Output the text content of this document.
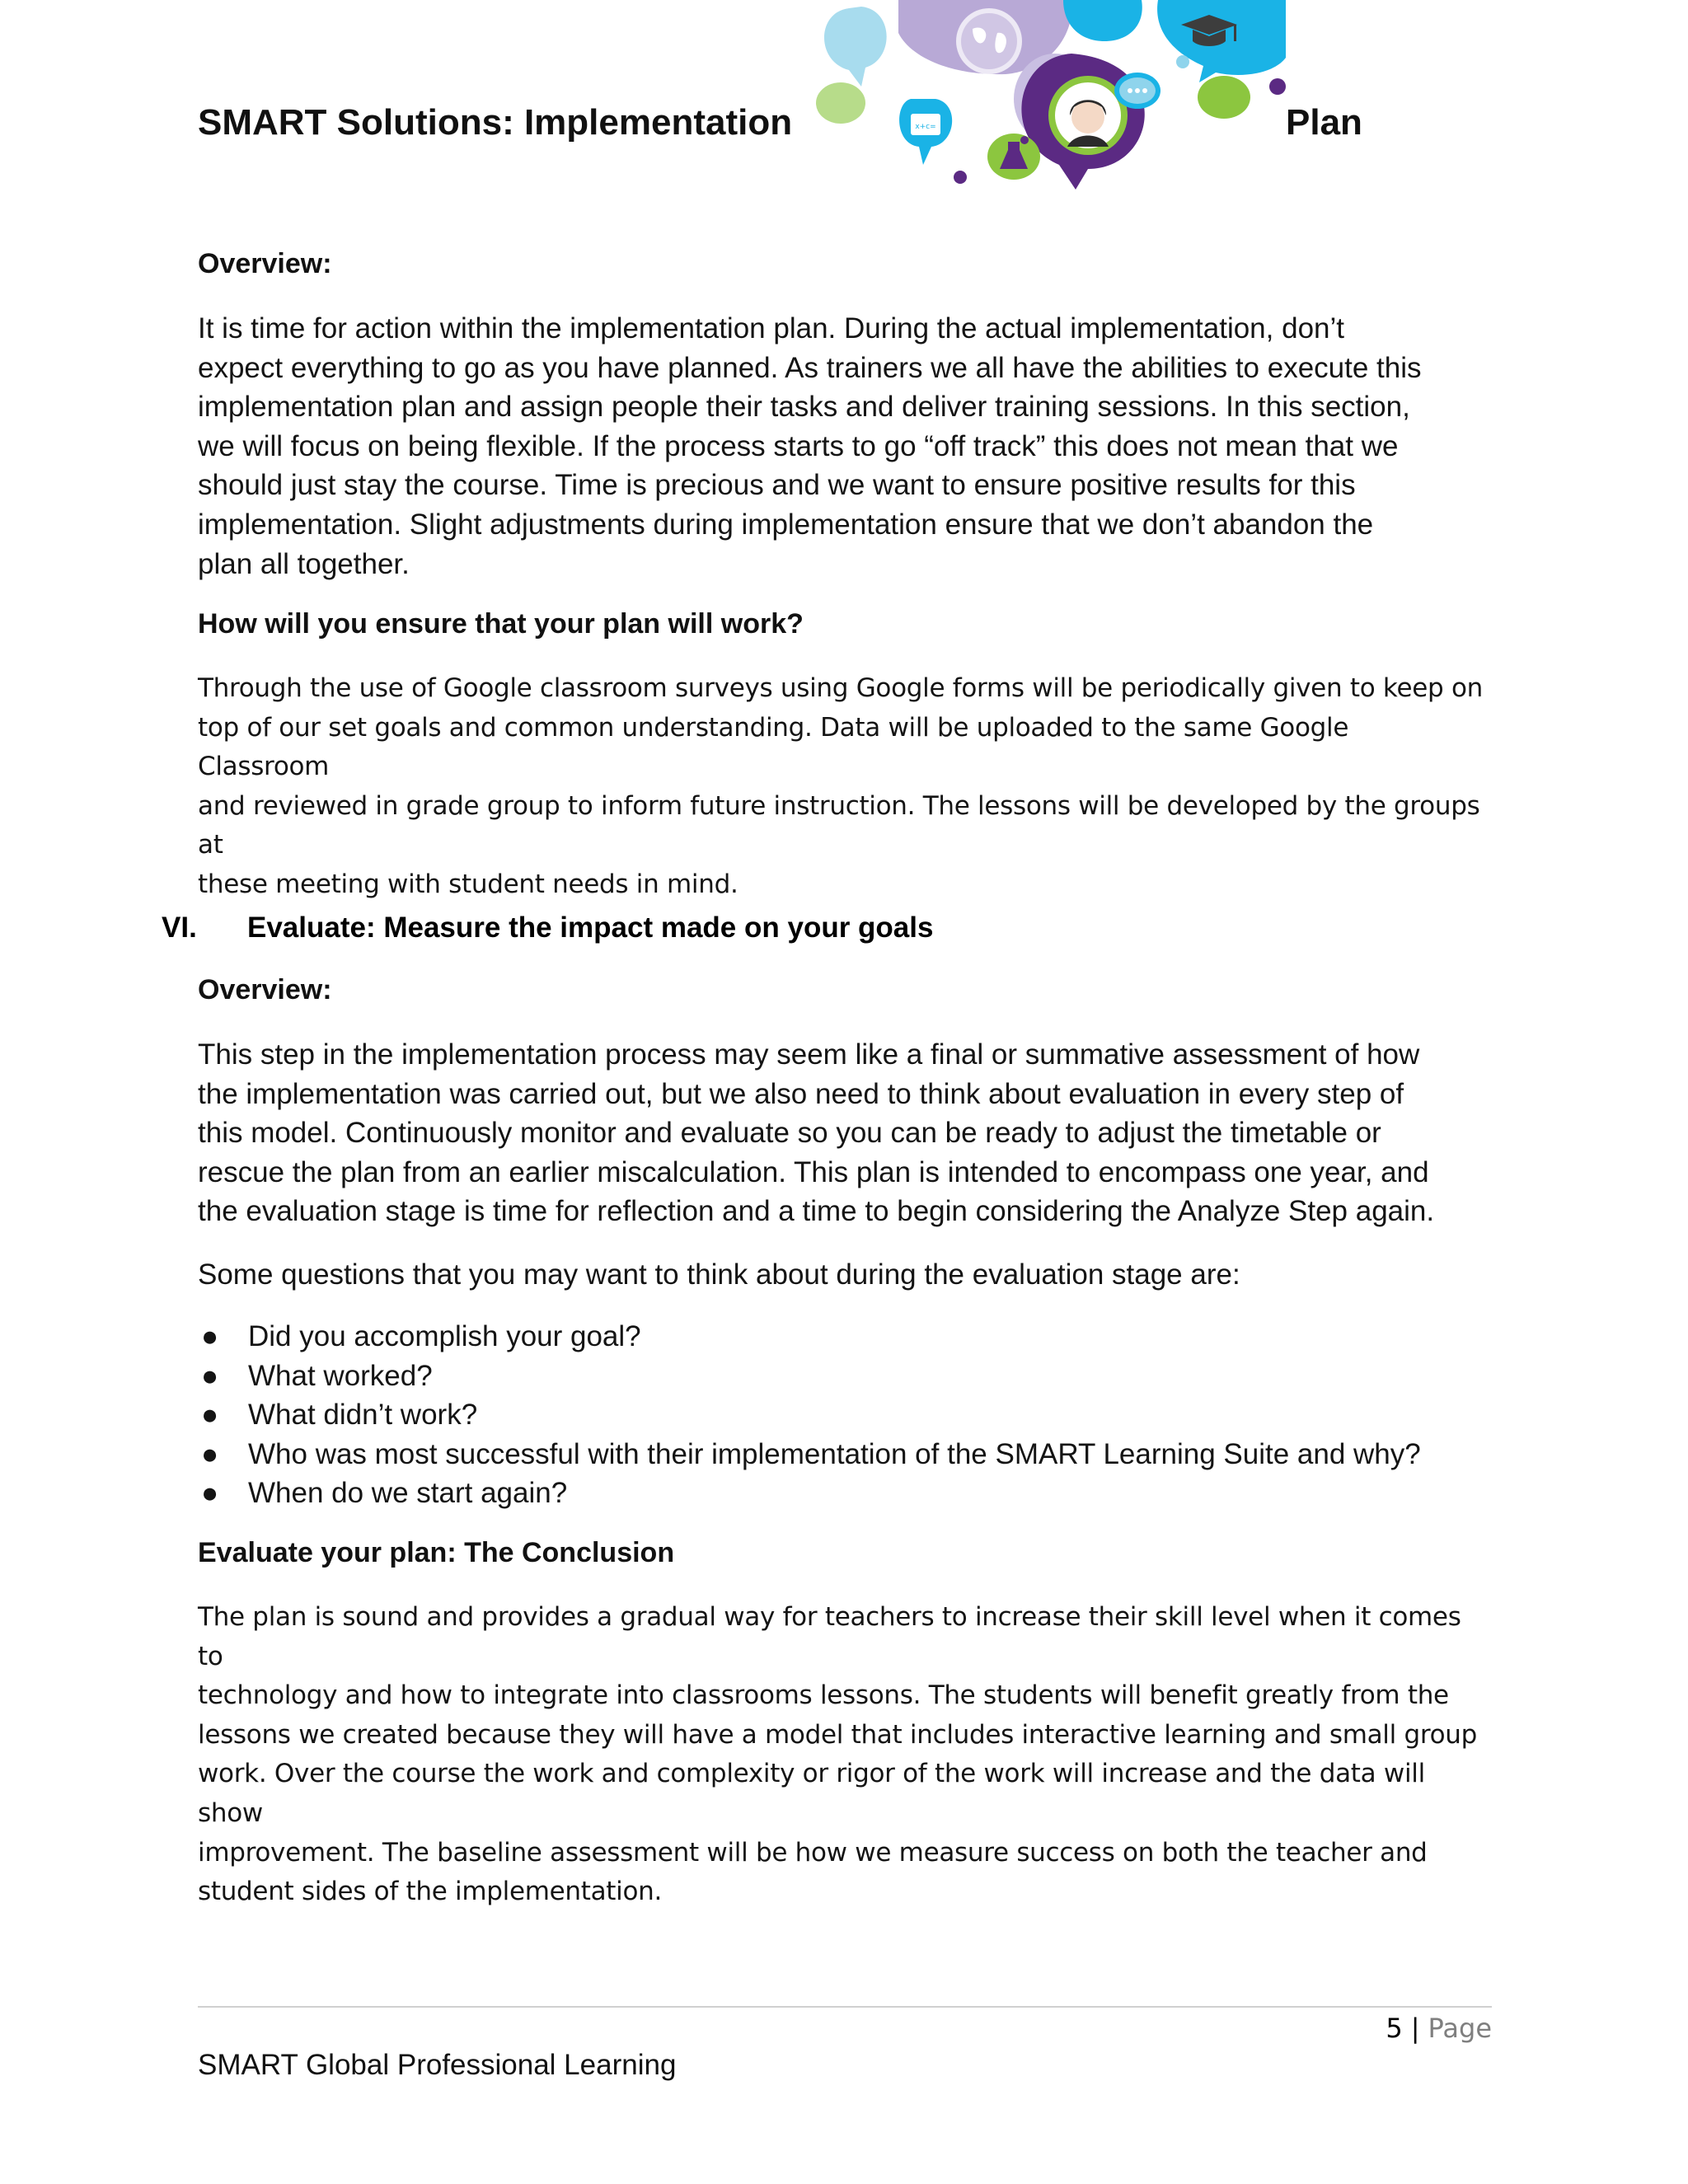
SMART Solutions: Implementation	x+c=	Plan

Overview:

It is time for action within the implementation plan. During the actual implementation, don’t

expect everything to go as you have planned. As trainers we all have the abilities to execute this

implementation plan and assign people their tasks and deliver training sessions. In this section,

we will focus on being flexible. If the process starts to go “off track” this does not mean that we

should just stay the course. Time is precious and we want to ensure positive results for this

implementation. Slight adjustments during implementation ensure that we don’t abandon the

plan all together.

How will you ensure that your plan will work?

Through the use of Google classroom surveys using Google forms will be periodically given to keep on

top of our set goals and common understanding. Data will be uploaded to the same Google Classroom

and reviewed in grade group to inform future instruction. The lessons will be developed by the groups at

these meeting with student needs in mind.

VI. Evaluate: Measure the impact made on your goals

Overview:

This step in the implementation process may seem like a final or summative assessment of how

the implementation was carried out, but we also need to think about evaluation in every step of

this model. Continuously monitor and evaluate so you can be ready to adjust the timetable or

rescue the plan from an earlier miscalculation. This plan is intended to encompass one year, and

the evaluation stage is time for reflection and a time to begin considering the Analyze Step again.

Some questions that you may want to think about during the evaluation stage are:

● Did you accomplish your goal?
● What worked?
● What didn’t work?
● Who was most successful with their implementation of the SMART Learning Suite and why?
● When do we start again?

Evaluate your plan: The Conclusion

The plan is sound and provides a gradual way for teachers to increase their skill level when it comes to

technology and how to integrate into classrooms lessons. The students will benefit greatly from the

lessons we created because they will have a model that includes interactive learning and small group

work. Over the course the work and complexity or rigor of the work will increase and the data will show

improvement. The baseline assessment will be how we measure success on both the teacher and

student sides of the implementation.

5 | Page
SMART Global Professional Learning
